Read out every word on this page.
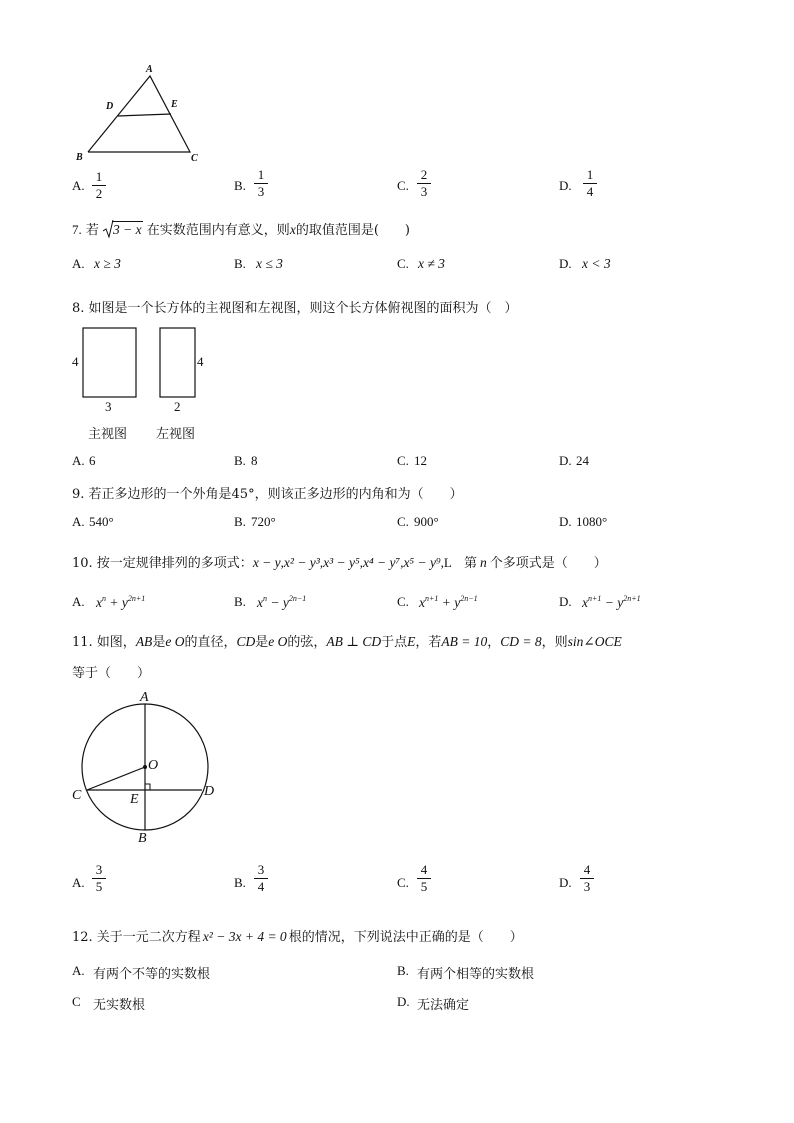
A
D	E
B	C
A.
1
2
B.
1
3	C.
2
3	D.
1
4
7. 若 3 − x 在实数范围内有意义，则x的取值范围是(　　)
A. x ≥ 3	B. x ≤ 3	C. x ≠ 3	D. x < 3
8. 如图是一个长方体的主视图和左视图，则这个长方体俯视图的面积为（　）
4
3
4
2
主视图 左视图
A. 6	B. 8	C. 12	D. 24
9. 若正多边形的一个外角是45°，则该正多边形的内角和为（　　）
A. 540°	B. 720°	C. 900°	D. 1080°
10. 按一定规律排列的多项式：x − y,x² − y³,x³ − y⁵,x⁴ − y⁷,x⁵ − y⁹,L 第 n 个多项式是（　　）
A. $x^n + y^{2n+1}$	B. $x^n - y^{2n-1}$	C. $x^{n+1} + y^{2n-1}$	D. $x^{n+1} - y^{2n+1}$
11. 如图，AB是e O的直径，CD是e O的弦，AB ⊥ CD于点E，若AB = 10，CD = 8，则sin∠OCE
等于（　　）
A
O
C	D
E
B
A.
3
5	B.
3
4	C.
4
5	D.
4
3
12. 关于一元二次方程 x² − 3x + 4 = 0 根的情况，下列说法中正确的是（　　）
A. 有两个不等的实数根	B. 有两个相等的实数根
C 无实数根	D. 无法确定
